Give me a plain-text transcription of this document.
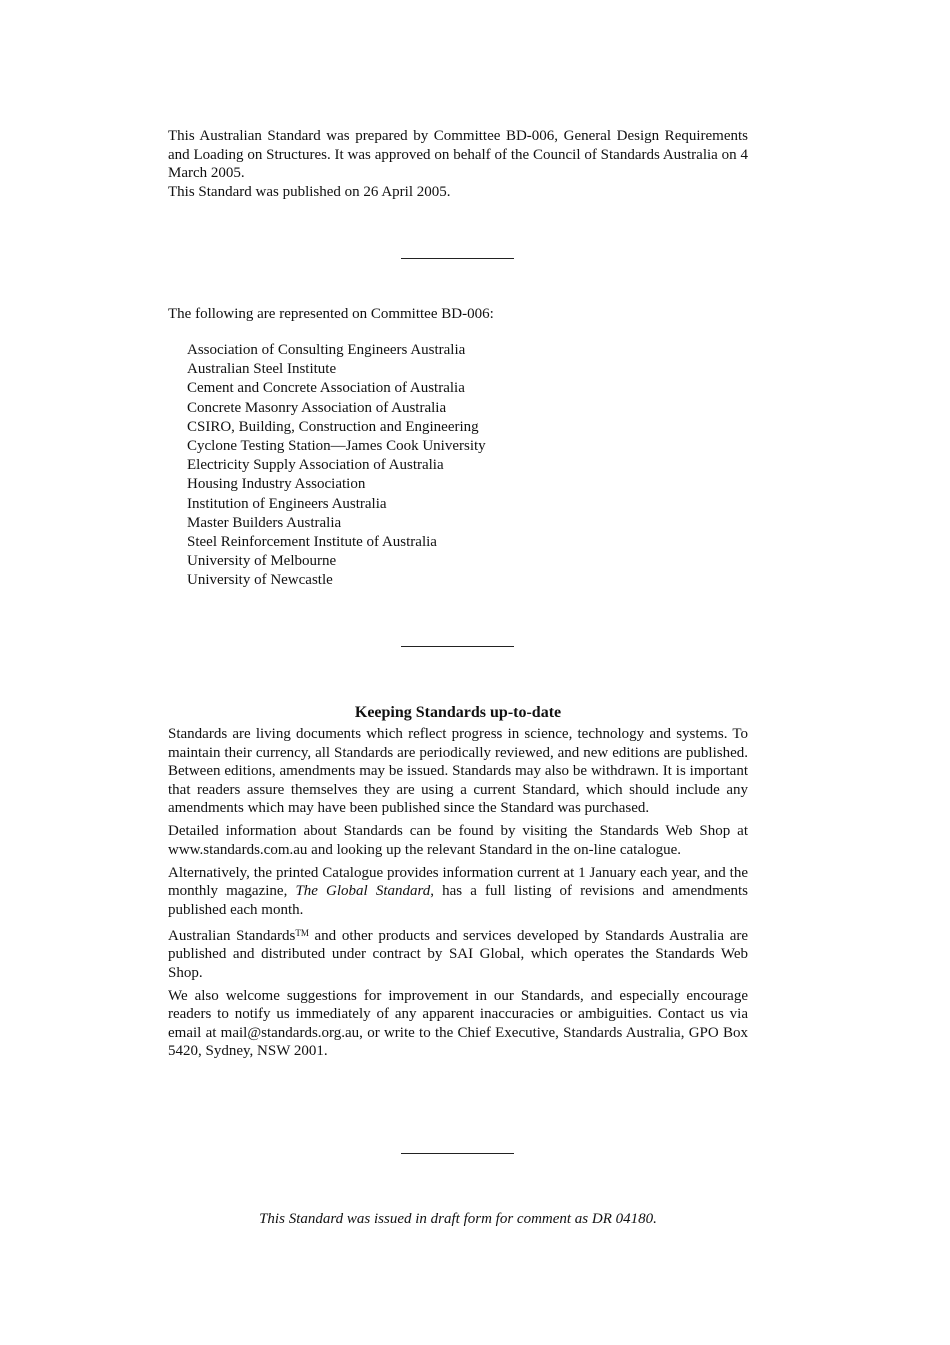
This Australian Standard was prepared by Committee BD-006, General Design Requirements and Loading on Structures. It was approved on behalf of the Council of Standards Australia on 4 March 2005.

This Standard was published on 26 April 2005.

The following are represented on Committee BD-006:

Association of Consulting Engineers Australia
Australian Steel Institute
Cement and Concrete Association of Australia
Concrete Masonry Association of Australia
CSIRO, Building, Construction and Engineering
Cyclone Testing Station—James Cook University
Electricity Supply Association of Australia
Housing Industry Association
Institution of Engineers Australia
Master Builders Australia
Steel Reinforcement Institute of Australia
University of Melbourne
University of Newcastle
Keeping Standards up-to-date

Standards are living documents which reflect progress in science, technology and systems. To maintain their currency, all Standards are periodically reviewed, and new editions are published. Between editions, amendments may be issued. Standards may also be withdrawn. It is important that readers assure themselves they are using a current Standard, which should include any amendments which may have been published since the Standard was purchased.

Detailed information about Standards can be found by visiting the Standards Web Shop at www.standards.com.au and looking up the relevant Standard in the on-line catalogue.

Alternatively, the printed Catalogue provides information current at 1 January each year, and the monthly magazine, The Global Standard, has a full listing of revisions and amendments published each month.

Australian Standards™ and other products and services developed by Standards Australia are published and distributed under contract by SAI Global, which operates the Standards Web Shop.

We also welcome suggestions for improvement in our Standards, and especially encourage readers to notify us immediately of any apparent inaccuracies or ambiguities. Contact us via email at mail@standards.org.au, or write to the Chief Executive, Standards Australia, GPO Box 5420, Sydney, NSW 2001.

This Standard was issued in draft form for comment as DR 04180.
